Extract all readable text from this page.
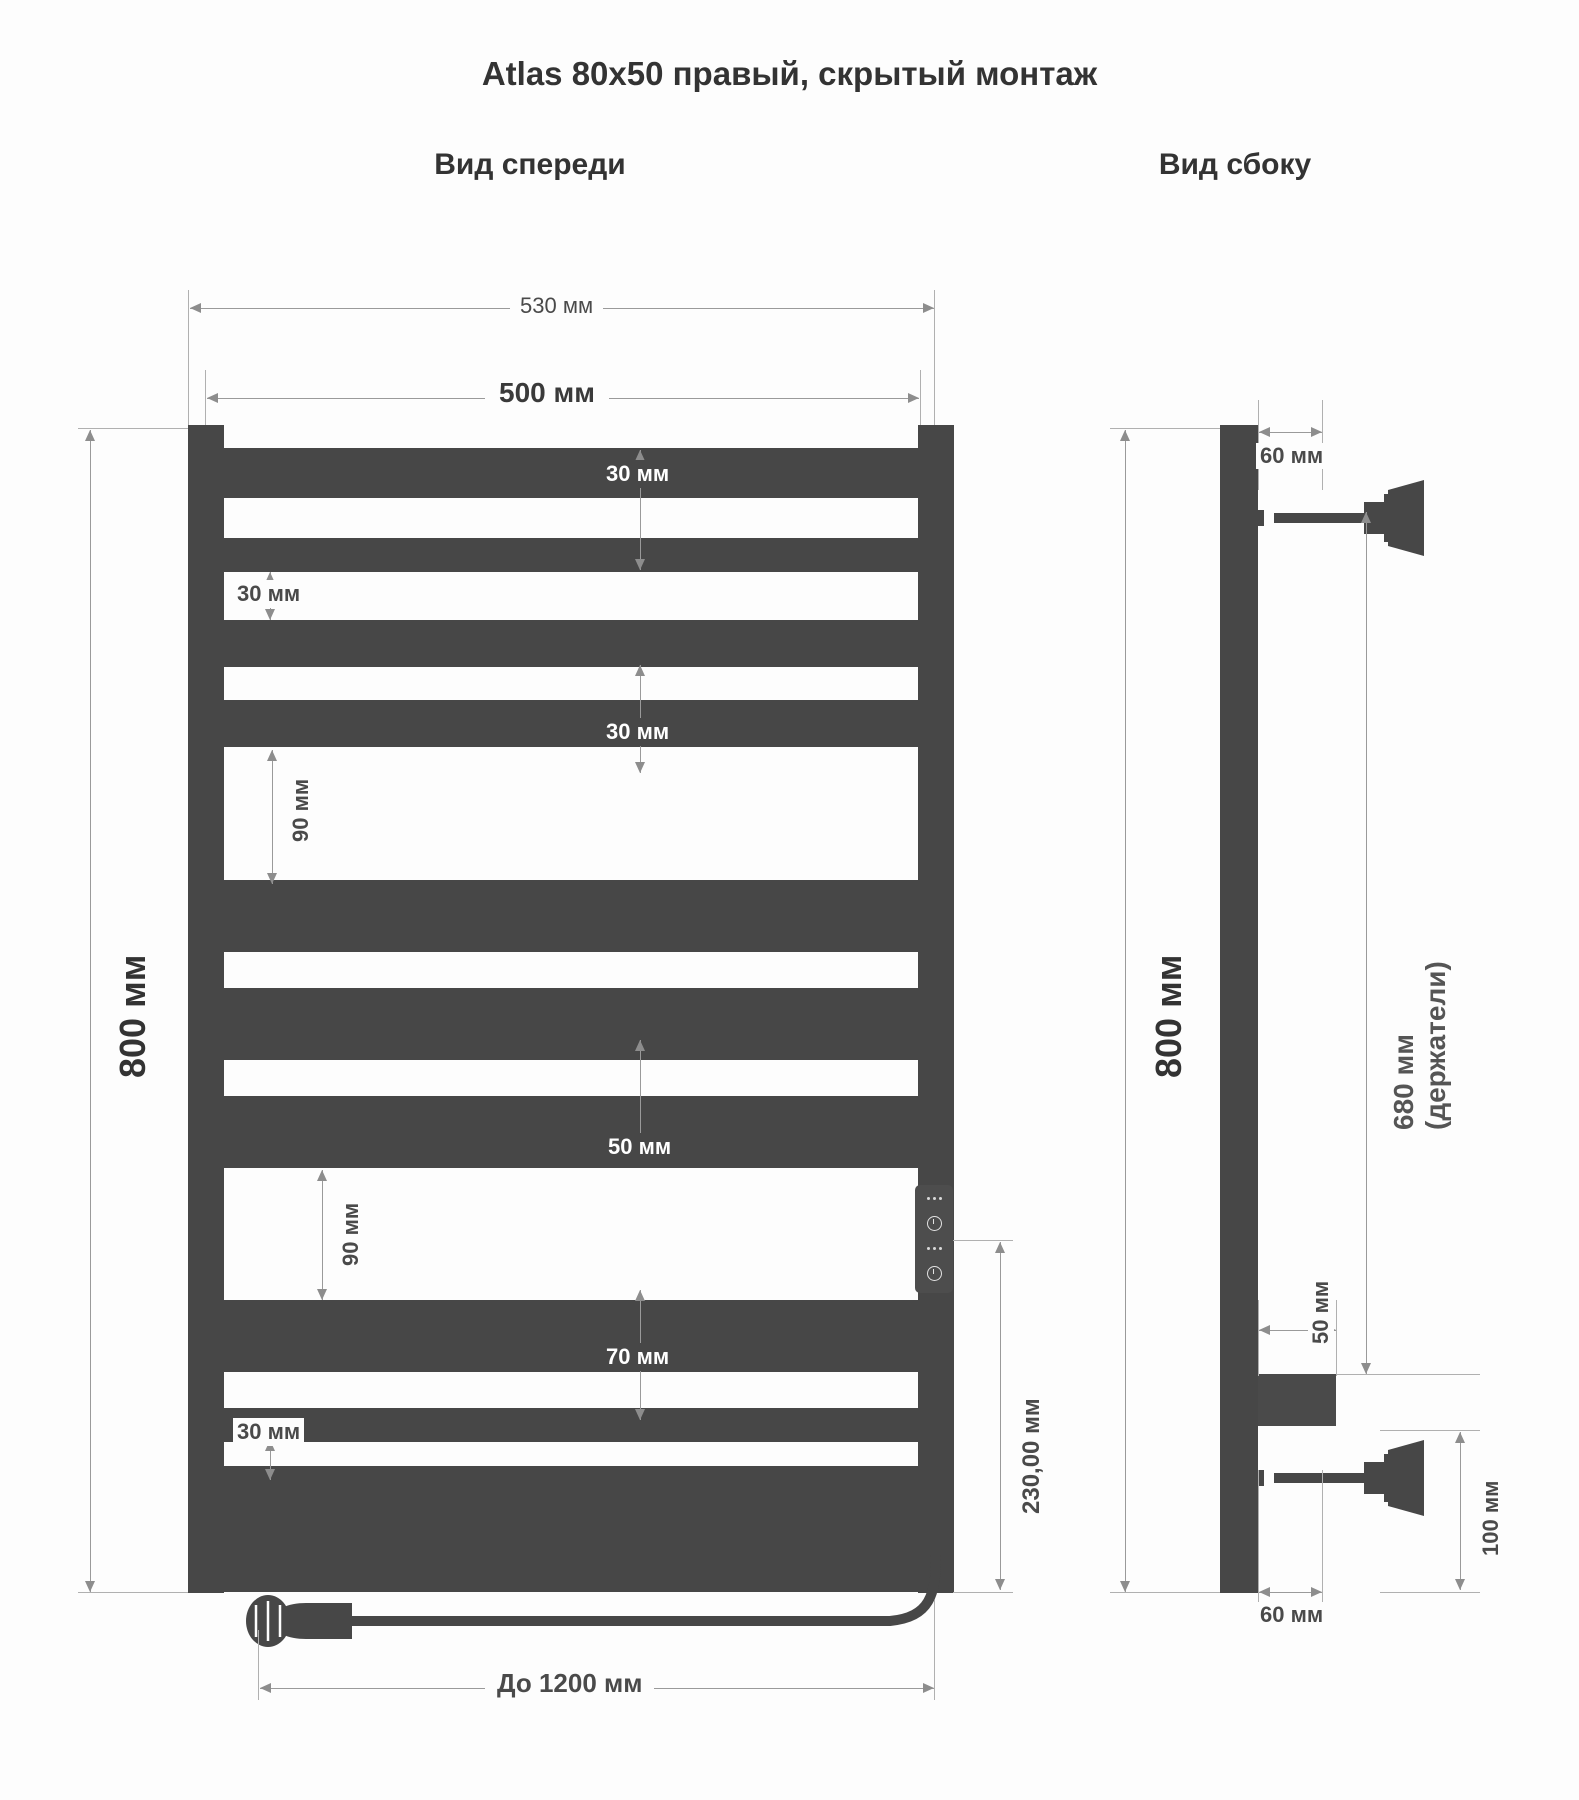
Atlas 80x50 правый, скрытый монтаж
Вид спереди	Вид сбоку
530 мм
500 мм
800 мм
30 мм
30 мм
30 мм
90 мм
50 мм
90 мм
70 мм
30 мм	230,00 мм
До 1200 мм
800 мм
60 мм
680 мм (держатели)
50 мм
60 мм
100 мм
